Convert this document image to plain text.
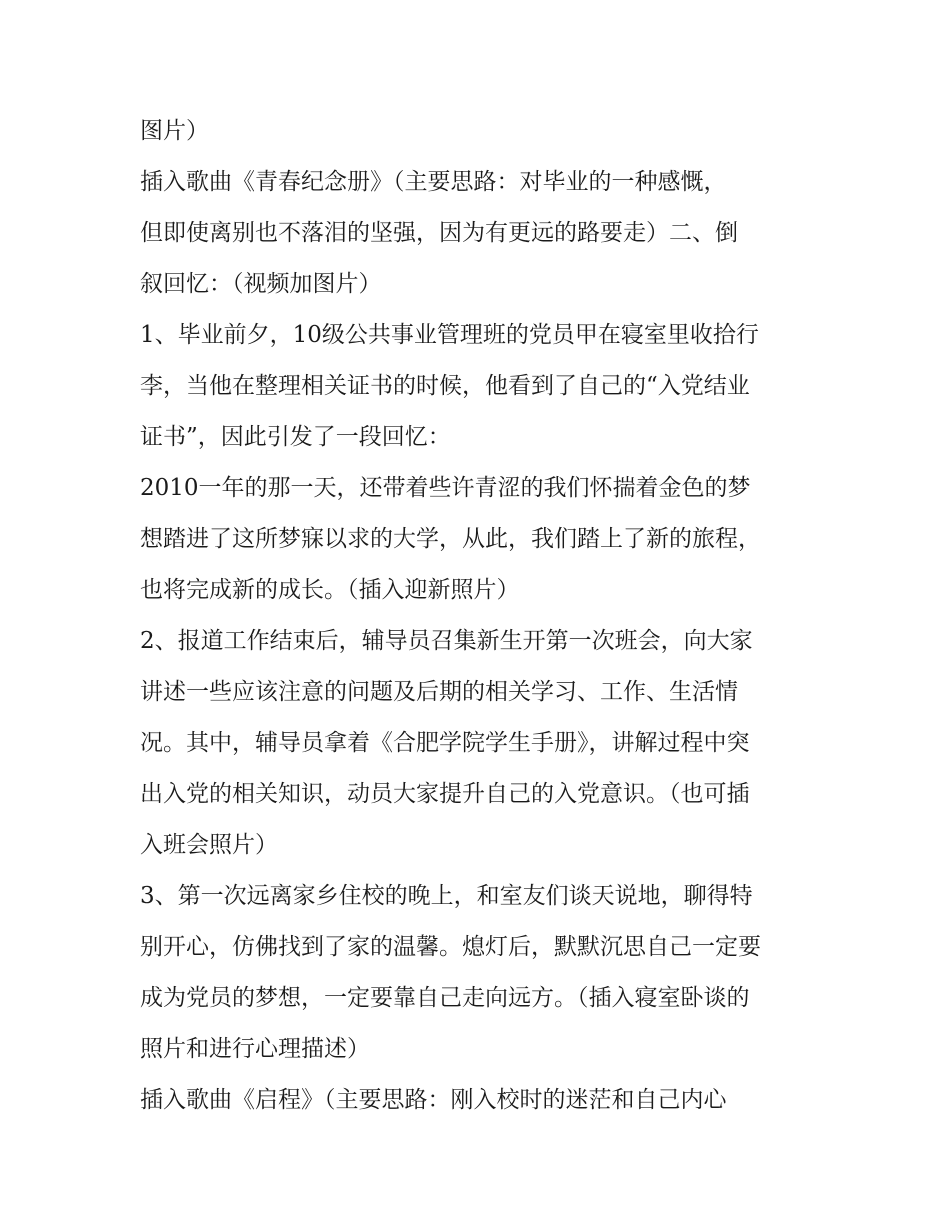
图片）
插入歌曲《青春纪念册》（主要思路：对毕业的一种感慨，
但即使离别也不落泪的坚强，因为有更远的路要走）二、倒
叙回忆：（视频加图片）
1、毕业前夕，10级公共事业管理班的党员甲在寝室里收拾行
李，当他在整理相关证书的时候，他看到了自己的“入党结业
证书”，因此引发了一段回忆：
2010一年的那一天，还带着些许青涩的我们怀揣着金色的梦
想踏进了这所梦寐以求的大学，从此，我们踏上了新的旅程，
也将完成新的成长。（插入迎新照片）
2、报道工作结束后，辅导员召集新生开第一次班会，向大家
讲述一些应该注意的问题及后期的相关学习、工作、生活情
况。其中，辅导员拿着《合肥学院学生手册》，讲解过程中突
出入党的相关知识，动员大家提升自己的入党意识。（也可插
入班会照片）
3、第一次远离家乡住校的晚上，和室友们谈天说地，聊得特
别开心，仿佛找到了家的温馨。熄灯后，默默沉思自己一定要
成为党员的梦想，一定要靠自己走向远方。（插入寝室卧谈的
照片和进行心理描述）
插入歌曲《启程》（主要思路：刚入校时的迷茫和自己内心
